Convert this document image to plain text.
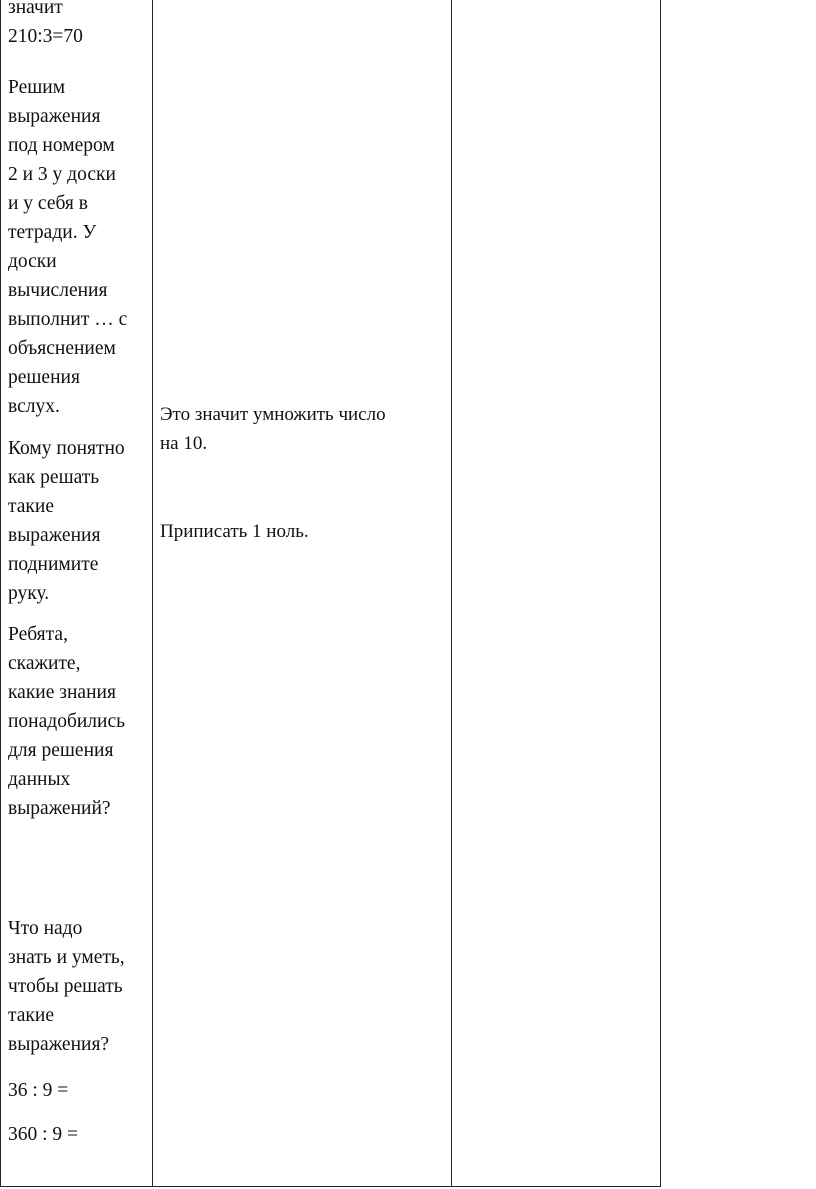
значит
210:3=70

Решим
выражения
под номером
2 и 3 у доски
и у себя в
тетради. У
доски
вычисления
выполнит … с
объяснением
решения
вслух.

Кому понятно
как решать
такие
выражения
поднимите
руку.

Ребята,
скажите,
какие знания
понадобились
для решения
данных
выражений?

Что надо
знать и уметь,
чтобы решать
такие
выражения?

36 : 9 =

360 : 9 =

Это значит умножить число
на 10.

Приписать 1 ноль.
